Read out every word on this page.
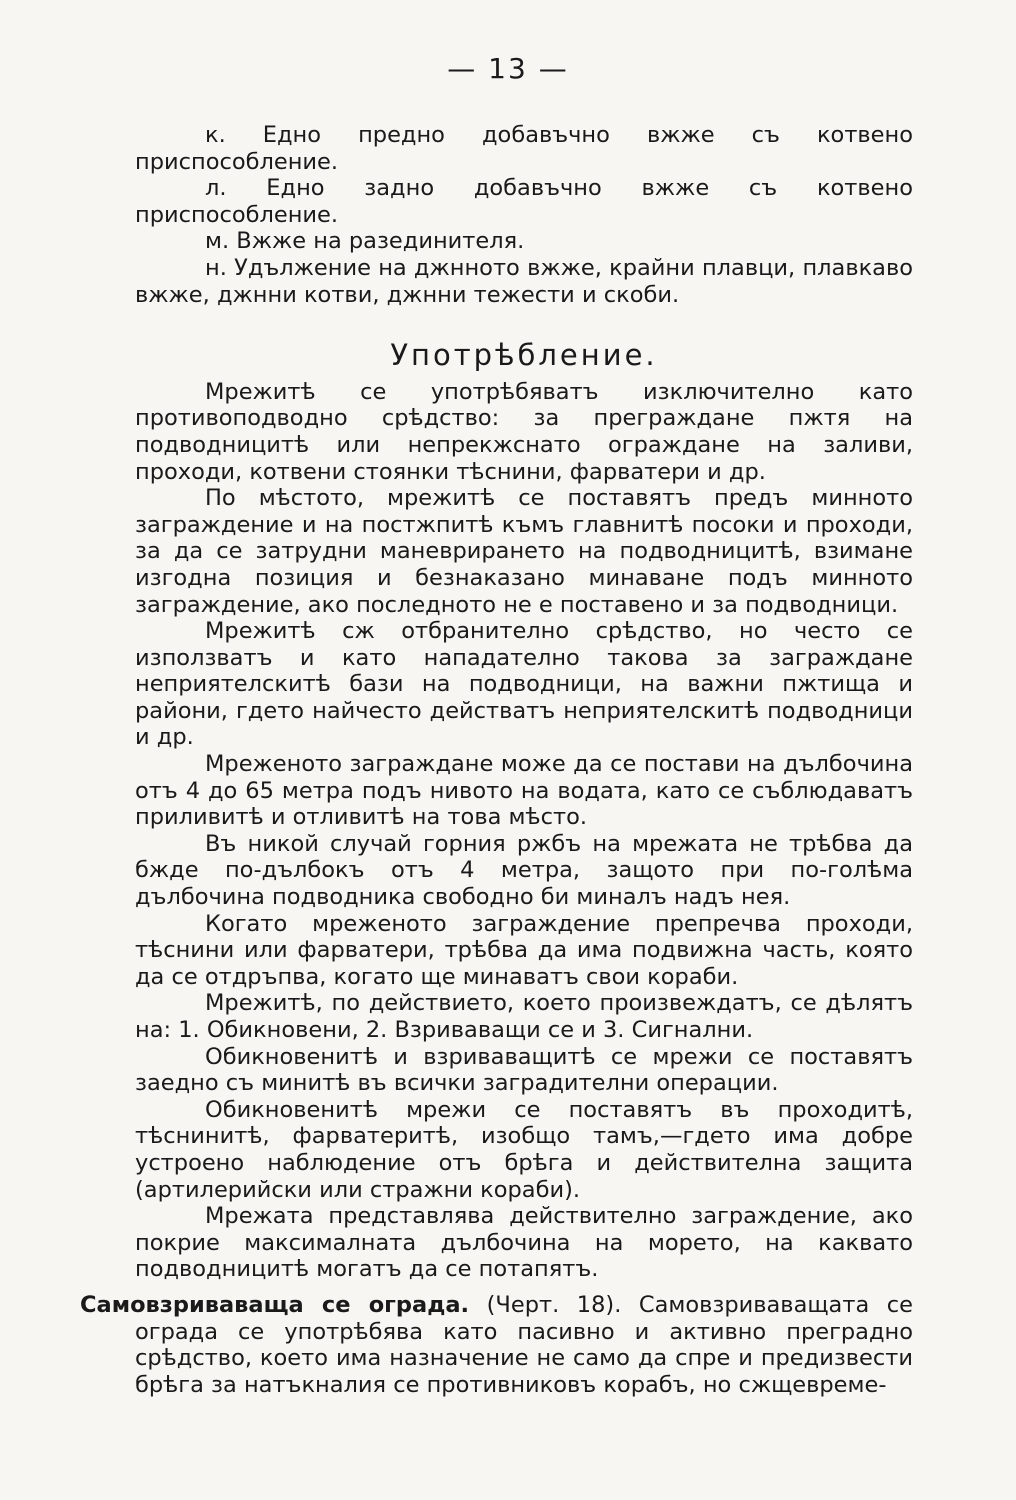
— 13 —

к. Едно предно добавъчно вжже съ котвено приспособление.

л. Едно задно добавъчно вжже съ котвено приспособление.

м. Вжже на разединителя.

н. Удължение на джнното вжже, крайни плавци, плавкаво вжже, джнни котви, джнни тежести и скоби.

Употрѣбление.

Мрежитѣ се употрѣбяватъ изключително като противоподводно срѣдство: за преграждане пжтя на подводницитѣ или непрекжснато ограждане на заливи, проходи, котвени стоянки тѣснини, фарватери и др.

По мѣстото, мрежитѣ се поставятъ предъ минното заграждение и на постжпитѣ къмъ главнитѣ посоки и проходи, за да се затрудни маневрирането на подводницитѣ, взимане изгодна позиция и безнаказано минаване подъ минното заграждение, ако последното не е поставено и за подводници.

Мрежитѣ сж отбранително срѣдство, но често се използватъ и като нападателно такова за заграждане неприятелскитѣ бази на подводници, на важни пжтища и райони, гдето найчесто действатъ неприятелскитѣ подводници и др.

Мреженото заграждане може да се постави на дълбочина отъ 4 до 65 метра подъ нивото на водата, като се съблюдаватъ приливитѣ и отливитѣ на това мѣсто.

Въ никой случай горния ржбъ на мрежата не трѣбва да бжде по-дълбокъ отъ 4 метра, защото при по-голѣма дълбочина подводника свободно би миналъ надъ нея.

Когато мреженото заграждение препречва проходи, тѣснини или фарватери, трѣбва да има подвижна часть, която да се отдръпва, когато ще минаватъ свои кораби.

Мрежитѣ, по действието, което произвеждатъ, се дѣлятъ на: 1. Обикновени, 2. Взриваващи се и 3. Сигнални.

Обикновенитѣ и взриваващитѣ се мрежи се поставятъ заедно съ минитѣ въ всички заградителни операции.

Обикновенитѣ мрежи се поставятъ въ проходитѣ, тѣснинитѣ, фарватеритѣ, изобщо тамъ,—гдето има добре устроено наблюдение отъ брѣга и действителна защита (артилерийски или стражни кораби).

Мрежата представлява действително заграждение, ако покрие максималната дълбочина на морето, на каквато подводницитѣ могатъ да се потапятъ.

Самовзриваваща се ограда. (Черт. 18). Самовзриваващата се ограда се употрѣбява като пасивно и активно преградно срѣдство, което има назначение не само да спре и предизвести брѣга за натъкналия се противниковъ корабъ, но сжщевреме-
